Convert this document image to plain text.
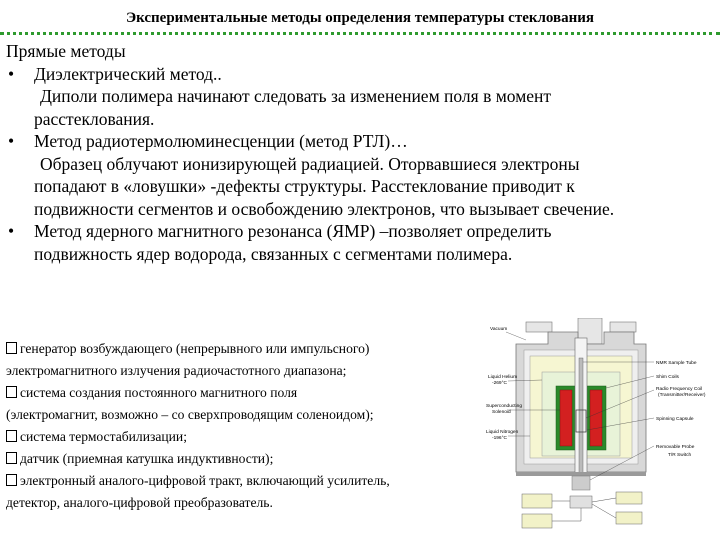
Экспериментальные методы определения температуры стеклования

Прямые методы

• Диэлектрический метод..

Диполи полимера начинают следовать за изменением поля в момент

расстеклования.

• Метод радиотермолюминесценции (метод РТЛ)…

Образец облучают ионизирующей радиацией. Оторвавшиеся электроны

попадают в «ловушки» -дефекты структуры. Расстеклование приводит к

подвижности сегментов и освобождению электронов, что вызывает свечение.

• Метод ядерного магнитного резонанса (ЯМР) –позволяет определить

подвижность ядер водорода, связанных с сегментами полимера.

генератор возбуждающего (непрерывного или импульсного)

электромагнитного излучения радиочастотного диапазона;

система создания постоянного магнитного поля

(электромагнит, возможно – со сверхпроводящим соленоидом);

система термостабилизации;

датчик (приемная катушка индуктивности);

электронный аналого-цифровой тракт, включающий усилитель,

детектор, аналого-цифровой преобразователь.

Vacuum
Liquid Helium
-269°C
Superconducting
Solenoid
Liquid Nitrogen
-196°C
NMR Sample Tube
Shim Coils
Radio Frequency Coil
(Transmitter/Receiver)
Spinning Capsule
Removable Probe
T/R Switch
